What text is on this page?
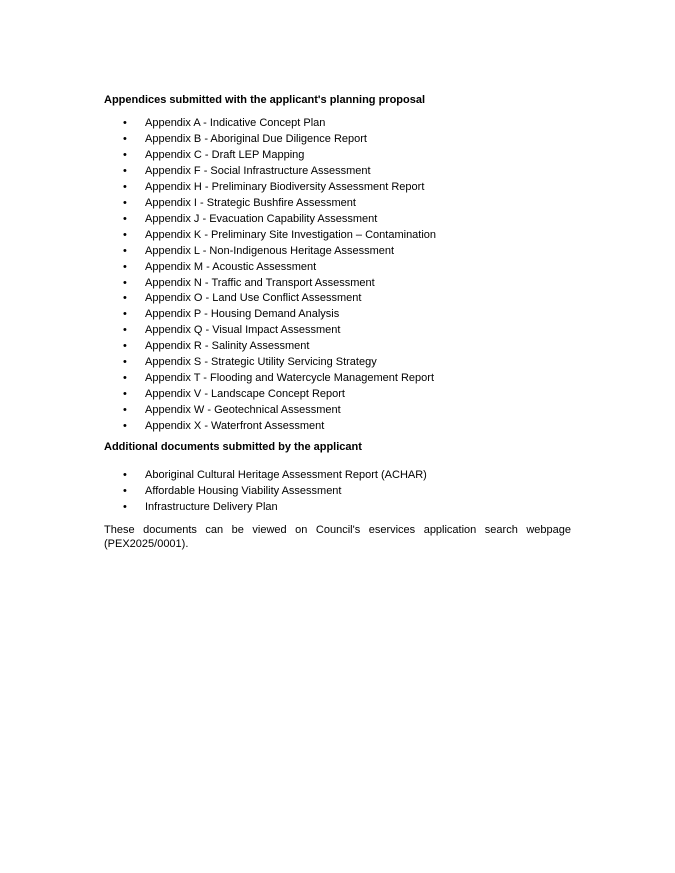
Appendices submitted with the applicant's planning proposal
•
Appendix A - Indicative Concept Plan
•
Appendix B - Aboriginal Due Diligence Report
•
Appendix C - Draft LEP Mapping
•
Appendix F - Social Infrastructure Assessment
•
Appendix H - Preliminary Biodiversity Assessment Report
•
Appendix I - Strategic Bushfire Assessment
•
Appendix J - Evacuation Capability Assessment
•
Appendix K - Preliminary Site Investigation – Contamination
•
Appendix L - Non-Indigenous Heritage Assessment
•
Appendix M - Acoustic Assessment
•
Appendix N - Traffic and Transport Assessment
•
Appendix O - Land Use Conflict Assessment
•
Appendix P - Housing Demand Analysis
•
Appendix Q - Visual Impact Assessment
•
Appendix R - Salinity Assessment
•
Appendix S - Strategic Utility Servicing Strategy
•
Appendix T - Flooding and Watercycle Management Report
•
Appendix V - Landscape Concept Report
•
Appendix W - Geotechnical Assessment
•
Appendix X - Waterfront Assessment
Additional documents submitted by the applicant
•
Aboriginal Cultural Heritage Assessment Report (ACHAR)
•
Affordable Housing Viability Assessment
•
Infrastructure Delivery Plan

These documents can be viewed on Council's eservices application search webpage (PEX2025/0001).
